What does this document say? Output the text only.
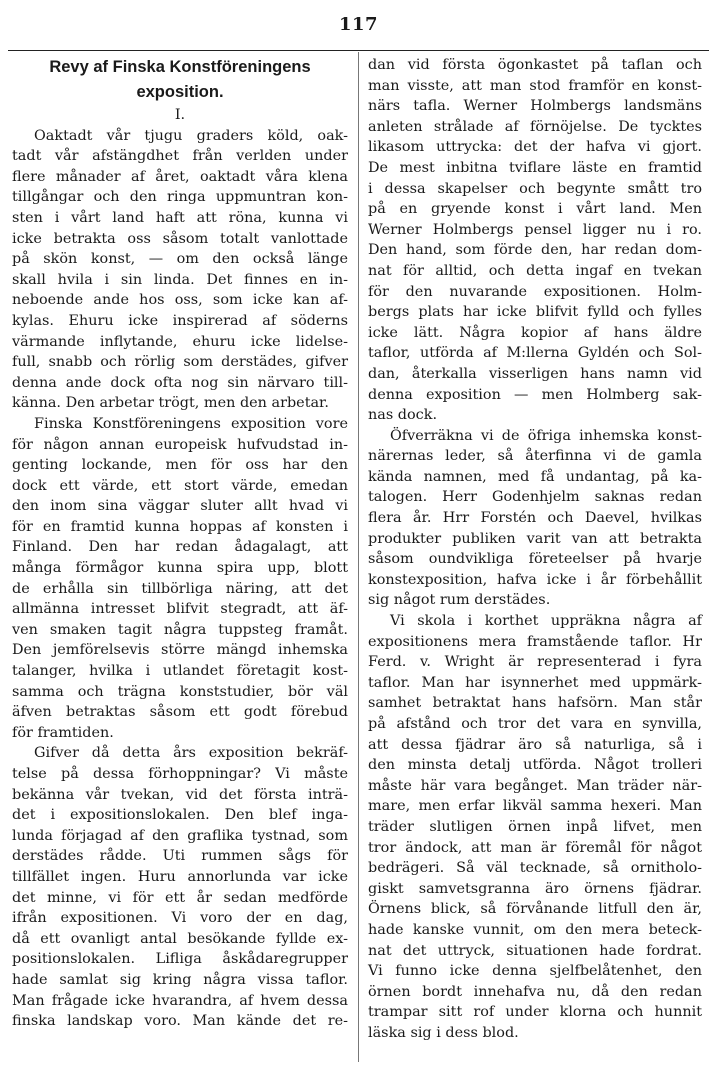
117
Revy af Finska Konstföreningens
exposition.
I.
Oaktadt vår tjugu graders köld, oak-
tadt vår afstängdhet från verlden under
flere månader af året, oaktadt våra klena
tillgångar och den ringa uppmuntran kon-
sten i vårt land haft att röna, kunna vi
icke betrakta oss såsom totalt vanlottade
på skön konst, — om den också länge
skall hvila i sin linda. Det finnes en in-
neboende ande hos oss, som icke kan af-
kylas. Ehuru icke inspirerad af söderns
värmande inflytande, ehuru icke lidelse-
full, snabb och rörlig som derstädes, gifver
denna ande dock ofta nog sin närvaro till-
känna. Den arbetar trögt, men den arbetar.
Finska Konstföreningens exposition vore
för någon annan europeisk hufvudstad in-
genting lockande, men för oss har den
dock ett värde, ett stort värde, emedan
den inom sina väggar sluter allt hvad vi
för en framtid kunna hoppas af konsten i
Finland. Den har redan ådagalagt, att
många förmågor kunna spira upp, blott
de erhålla sin tillbörliga näring, att det
allmänna intresset blifvit stegradt, att äf-
ven smaken tagit några tuppsteg framåt.
Den jemförelsevis större mängd inhemska
talanger, hvilka i utlandet företagit kost-
samma och trägna konststudier, bör väl
äfven betraktas såsom ett godt förebud
för framtiden.
Gifver då detta års exposition bekräf-
telse på dessa förhoppningar? Vi måste
bekänna vår tvekan, vid det första inträ-
det i expositionslokalen. Den blef inga-
lunda förjagad af den graflika tystnad, som
derstädes rådde. Uti rummen sågs för
tillfället ingen. Huru annorlunda var icke
det minne, vi för ett år sedan medförde
ifrån expositionen. Vi voro der en dag,
då ett ovanligt antal besökande fyllde ex-
positionslokalen. Lifliga åskådaregrupper
hade samlat sig kring några vissa taflor.
Man frågade icke hvarandra, af hvem dessa
finska landskap voro. Man kände det re-
dan vid första ögonkastet på taflan och
man visste, att man stod framför en konst-
närs tafla. Werner Holmbergs landsmäns
anleten strålade af förnöjelse. De tycktes
likasom uttrycka: det der hafva vi gjort.
De mest inbitna tviflare läste en framtid
i dessa skapelser och begynte smått tro
på en gryende konst i vårt land. Men
Werner Holmbergs pensel ligger nu i ro.
Den hand, som förde den, har redan dom-
nat för alltid, och detta ingaf en tvekan
för den nuvarande expositionen. Holm-
bergs plats har icke blifvit fylld och fylles
icke lätt. Några kopior af hans äldre
taflor, utförda af M:llerna Gyldén och Sol-
dan, återkalla visserligen hans namn vid
denna exposition — men Holmberg sak-
nas dock.
Öfverräkna vi de öfriga inhemska konst-
närernas leder, så återfinna vi de gamla
kända namnen, med få undantag, på ka-
talogen. Herr Godenhjelm saknas redan
flera år. Hrr Forstén och Daevel, hvilkas
produkter publiken varit van att betrakta
såsom oundvikliga företeelser på hvarje
konstexposition, hafva icke i år förbehållit
sig något rum derstädes.
Vi skola i korthet uppräkna några af
expositionens mera framstående taflor. Hr
Ferd. v. Wright är representerad i fyra
taflor. Man har isynnerhet med uppmärk-
samhet betraktat hans hafsörn. Man står
på afstånd och tror det vara en synvilla,
att dessa fjädrar äro så naturliga, så i
den minsta detalj utförda. Något trolleri
måste här vara begånget. Man träder när-
mare, men erfar likväl samma hexeri. Man
träder slutligen örnen inpå lifvet, men
tror ändock, att man är föremål för något
bedrägeri. Så väl tecknade, så ornitholo-
giskt samvetsgranna äro örnens fjädrar.
Örnens blick, så förvånande litfull den är,
hade kanske vunnit, om den mera beteck-
nat det uttryck, situationen hade fordrat.
Vi funno icke denna sjelfbelåtenhet, den
örnen bordt innehafva nu, då den redan
trampar sitt rof under klorna och hunnit
läska sig i dess blod.
